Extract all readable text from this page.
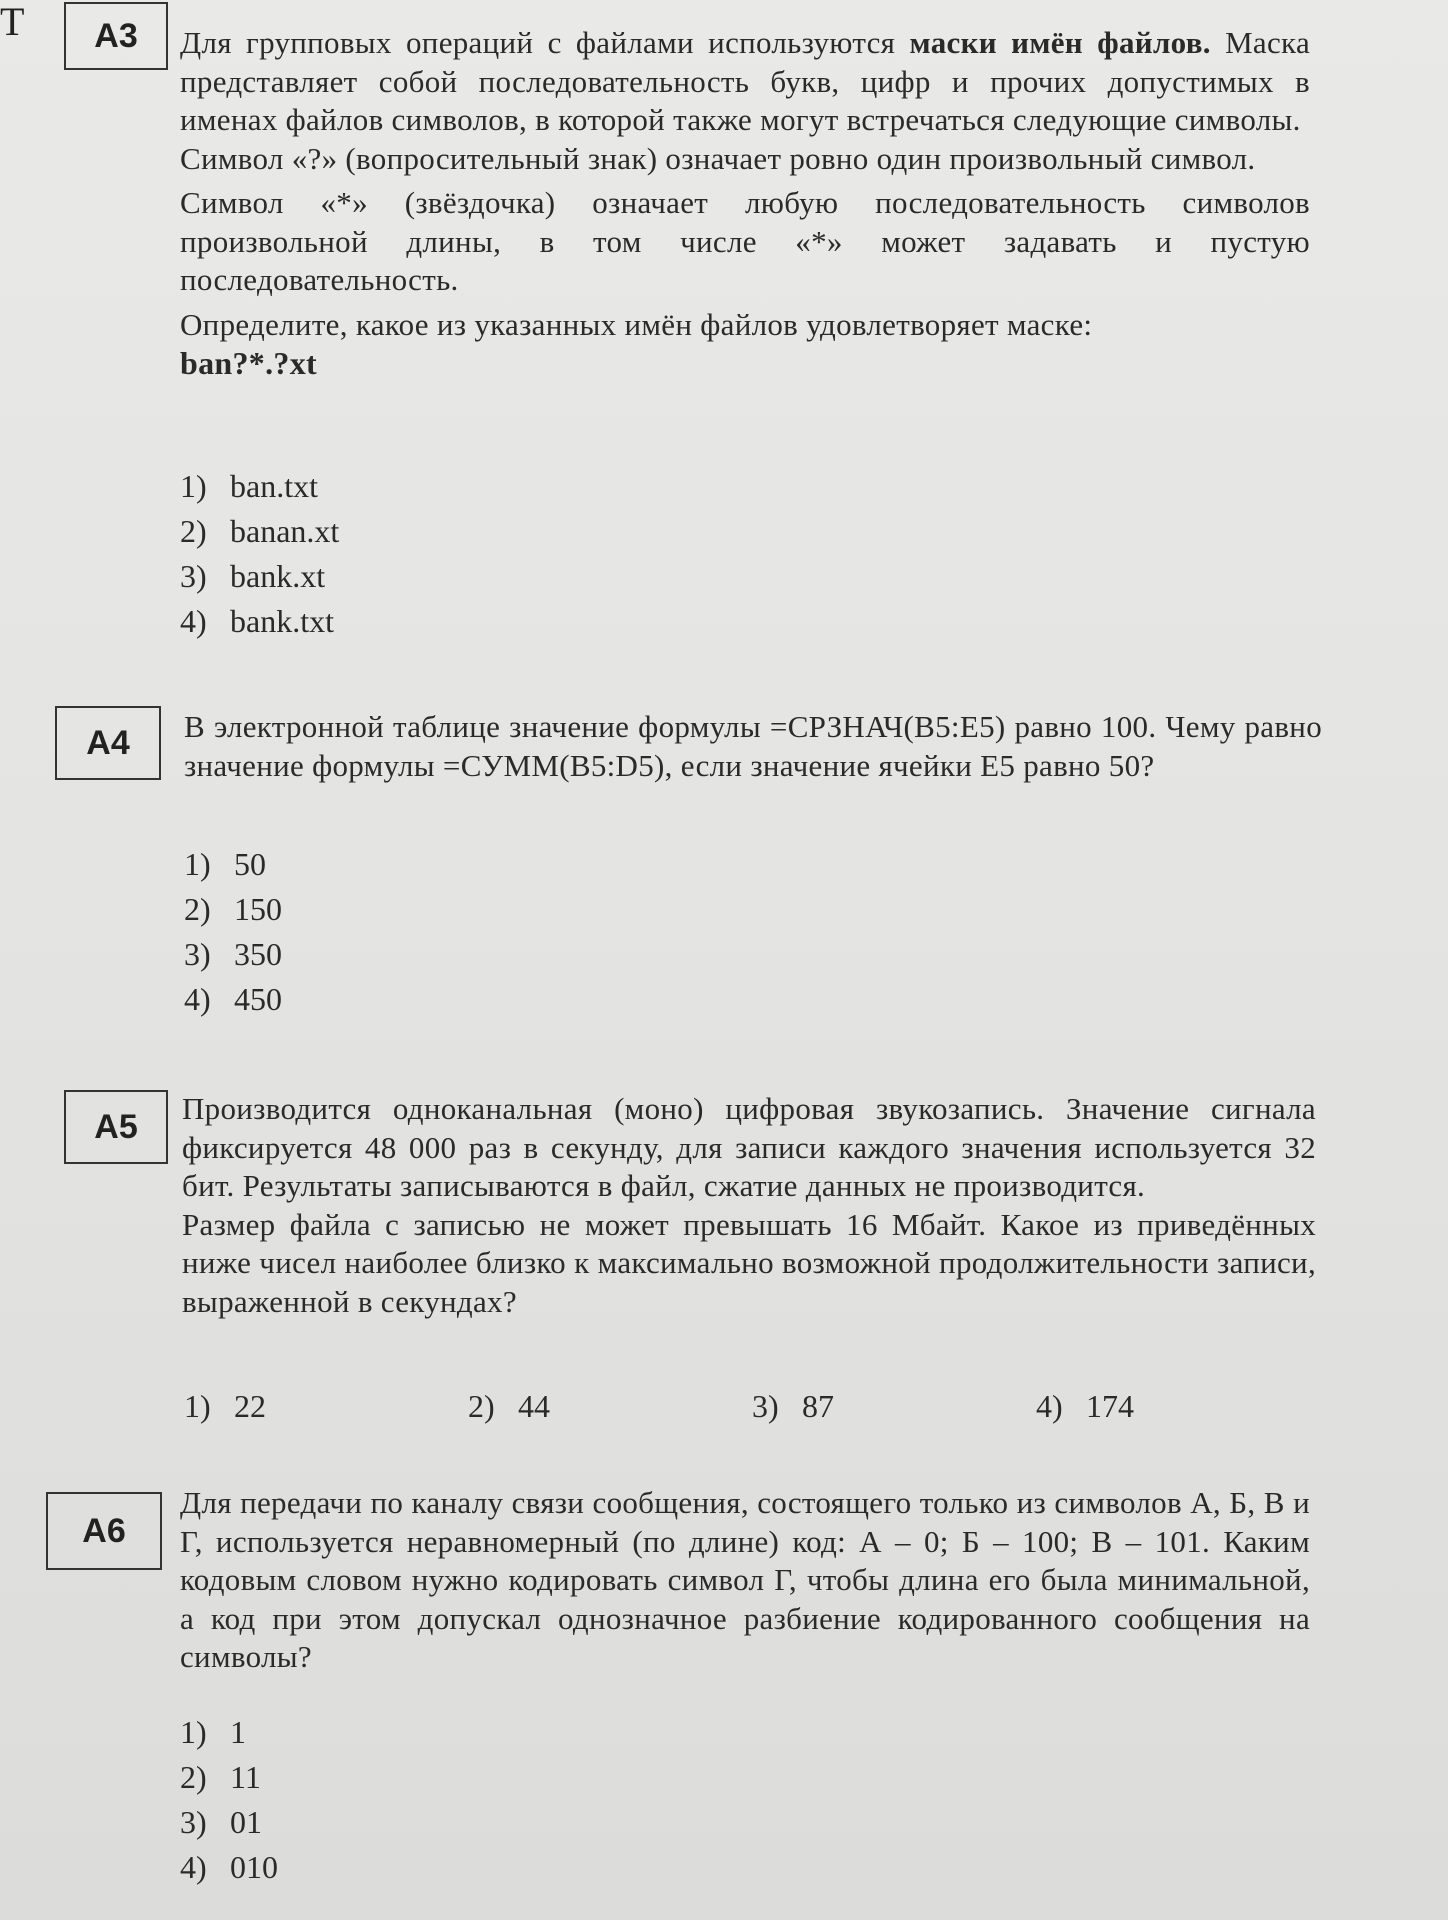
Т	А3	Для групповых операций с файлами используются маски имён файлов. Маска представляет собой последовательность букв, цифр и прочих допустимых в именах файлов символов, в которой также могут встречаться следующие символы.

Символ «?» (вопросительный знак) означает ровно один произвольный символ.

Символ «*» (звёздочка) означает любую последовательность символов произвольной длины, в том числе «*» может задавать и пустую последовательность.

Определите, какое из указанных имён файлов удовлетворяет маске:

ban?*.?xt

1) ban.txt
2) banan.xt
3) bank.xt
4) bank.txt
А4	В электронной таблице значение формулы =СРЗНАЧ(B5:E5) равно 100. Чему равно значение формулы =СУММ(B5:D5), если значение ячейки E5 равно 50?

1) 50
2) 150
3) 350
4) 450
А5	Производится одноканальная (моно) цифровая звукозапись. Значение сигнала фиксируется 48 000 раз в секунду, для записи каждого значения используется 32 бит. Результаты записываются в файл, сжатие данных не производится.

Размер файла с записью не может превышать 16 Мбайт. Какое из приведённых ниже чисел наиболее близко к максимально возможной продолжительности записи, выраженной в секундах?

1) 22	2) 44	3) 87	4) 174
А6

Для передачи по каналу связи сообщения, состоящего только из символов А, Б, В и Г, используется неравномерный (по длине) код: А – 0; Б – 100; В – 101. Каким кодовым словом нужно кодировать символ Г, чтобы длина его была минимальной, а код при этом допускал однозначное разбиение кодированного сообщения на символы?

1) 1
2) 11
3) 01
4) 010
